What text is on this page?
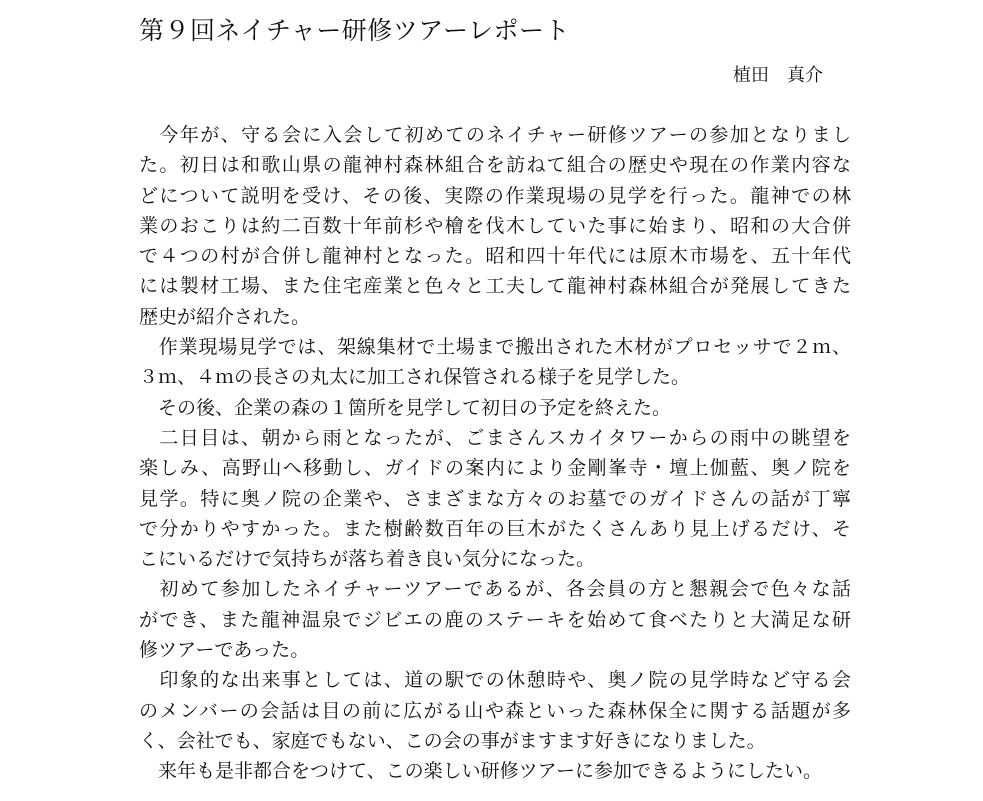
第９回ネイチャー研修ツアーレポート
植田　真介
　今年が、守る会に入会して初めてのネイチャー研修ツアーの参加となりまし
た。初日は和歌山県の龍神村森林組合を訪ねて組合の歴史や現在の作業内容な
どについて説明を受け、その後、実際の作業現場の見学を行った。龍神での林
業のおこりは約二百数十年前杉や檜を伐木していた事に始まり、昭和の大合併
で４つの村が合併し龍神村となった。昭和四十年代には原木市場を、五十年代
には製材工場、また住宅産業と色々と工夫して龍神村森林組合が発展してきた
歴史が紹介された。
　作業現場見学では、架線集材で土場まで搬出された木材がプロセッサで２ｍ、
３ｍ、４ｍの長さの丸太に加工され保管される様子を見学した。
　その後、企業の森の１箇所を見学して初日の予定を終えた。
　二日目は、朝から雨となったが、ごまさんスカイタワーからの雨中の眺望を
楽しみ、高野山へ移動し、ガイドの案内により金剛峯寺・壇上伽藍、奥ノ院を
見学。特に奥ノ院の企業や、さまざまな方々のお墓でのガイドさんの話が丁寧
で分かりやすかった。また樹齢数百年の巨木がたくさんあり見上げるだけ、そ
こにいるだけで気持ちが落ち着き良い気分になった。
　初めて参加したネイチャーツアーであるが、各会員の方と懇親会で色々な話
ができ、また龍神温泉でジビエの鹿のステーキを始めて食べたりと大満足な研
修ツアーであった。
　印象的な出来事としては、道の駅での休憩時や、奥ノ院の見学時など守る会
のメンバーの会話は目の前に広がる山や森といった森林保全に関する話題が多
く、会社でも、家庭でもない、この会の事がますます好きになりました。
　来年も是非都合をつけて、この楽しい研修ツアーに参加できるようにしたい。
